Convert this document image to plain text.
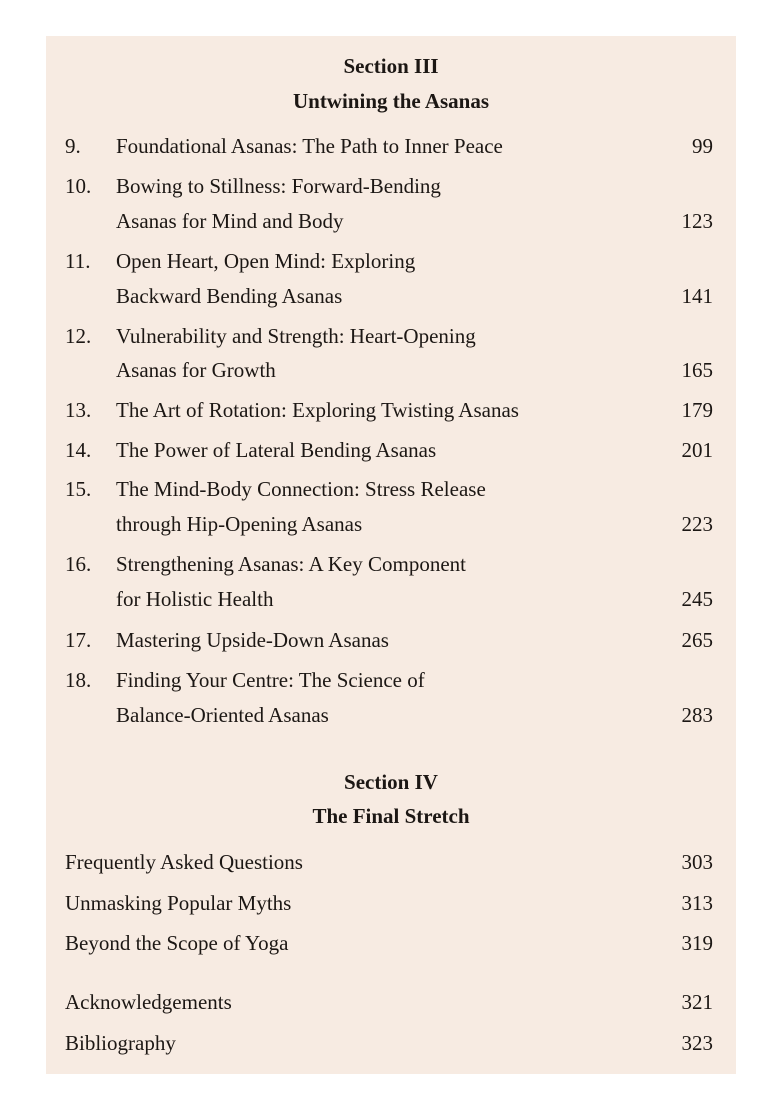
Section III
Untwining the Asanas
9. Foundational Asanas: The Path to Inner Peace	99
10. Bowing to Stillness: Forward-Bending
Asanas for Mind and Body	123
11. Open Heart, Open Mind: Exploring
Backward Bending Asanas	141
12. Vulnerability and Strength: Heart-Opening
Asanas for Growth	165
13. The Art of Rotation: Exploring Twisting Asanas	179
14. The Power of Lateral Bending Asanas	201
15. The Mind-Body Connection: Stress Release
through Hip-Opening Asanas	223
16. Strengthening Asanas: A Key Component
for Holistic Health	245
17. Mastering Upside-Down Asanas	265
18. Finding Your Centre: The Science of
Balance-Oriented Asanas	283
Section IV
The Final Stretch
Frequently Asked Questions	303
Unmasking Popular Myths	313
Beyond the Scope of Yoga	319
Acknowledgements	321
Bibliography	323
